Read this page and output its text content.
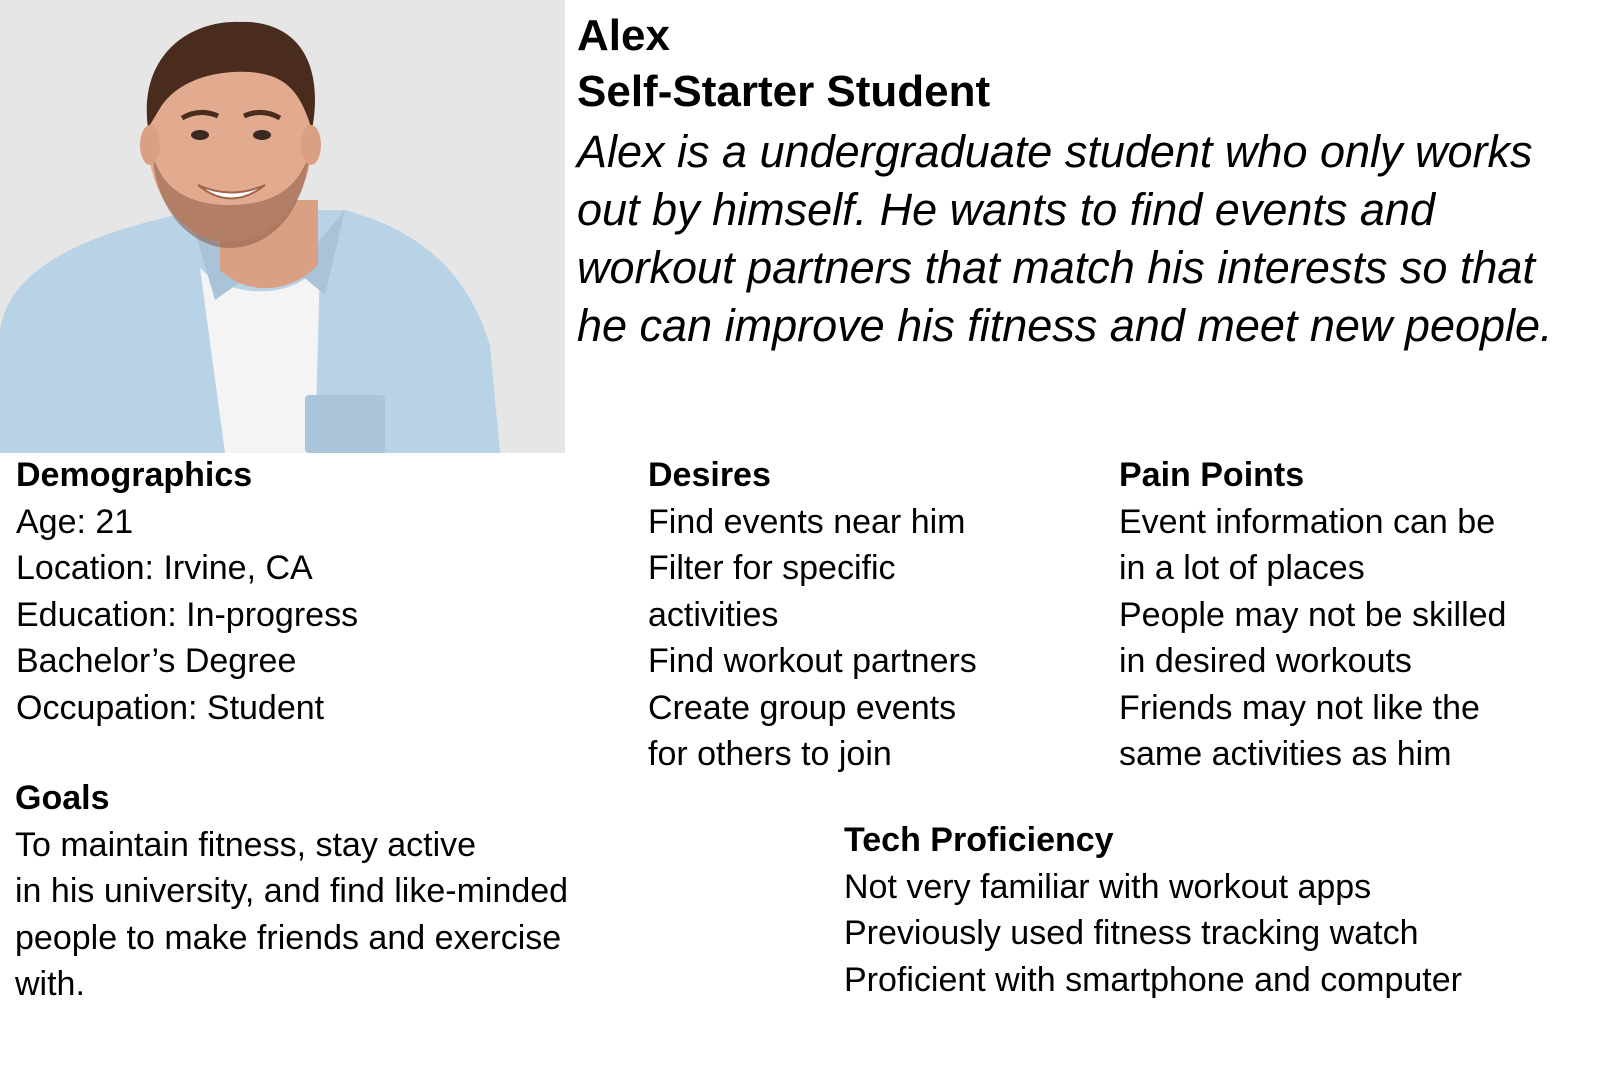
Alex
Self-Starter Student
Alex is a undergraduate student who only works out by himself. He wants to find events and workout partners that match his interests so that he can improve his fitness and meet new people.
Demographics
Age: 21
Location: Irvine, CA
Education: In-progress
Bachelor’s Degree
Occupation: Student
Desires
Find events near him
Filter for specific
activities
Find workout partners
Create group events
for others to join
Pain Points
Event information can be
in a lot of places
People may not be skilled
in desired workouts
Friends may not like the
same activities as him
Goals
To maintain fitness, stay active
in his university, and find like-minded
people to make friends and exercise
with.
Tech Proficiency
Not very familiar with workout apps
Previously used fitness tracking watch
Proficient with smartphone and computer
